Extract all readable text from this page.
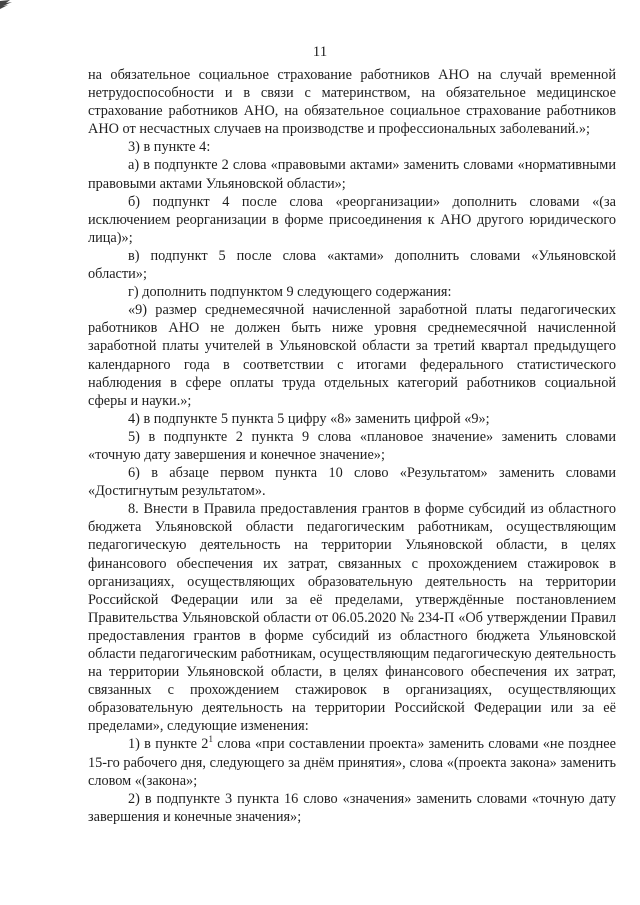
11

на обязательное социальное страхование работников АНО на случай временной нетрудоспособности и в связи с материнством, на обязательное медицинское страхование работников АНО, на обязательное социальное страхование работников АНО от несчастных случаев на производстве и профессиональных заболеваний.»;

3) в пункте 4:

а) в подпункте 2 слова «правовыми актами» заменить словами «нормативными правовыми актами Ульяновской области»;

б) подпункт 4 после слова «реорганизации» дополнить словами «(за исключением реорганизации в форме присоединения к АНО другого юридического лица)»;

в) подпункт 5 после слова «актами» дополнить словами «Ульяновской области»;

г) дополнить подпунктом 9 следующего содержания:

«9) размер среднемесячной начисленной заработной платы педагогических работников АНО не должен быть ниже уровня среднемесячной начисленной заработной платы учителей в Ульяновской области за третий квартал предыдущего календарного года в соответствии с итогами федерального статистического наблюдения в сфере оплаты труда отдельных категорий работников социальной сферы и науки.»;

4) в подпункте 5 пункта 5 цифру «8» заменить цифрой «9»;

5) в подпункте 2 пункта 9 слова «плановое значение» заменить словами «точную дату завершения и конечное значение»;

6) в абзаце первом пункта 10 слово «Результатом» заменить словами «Достигнутым результатом».

8. Внести в Правила предоставления грантов в форме субсидий из областного бюджета Ульяновской области педагогическим работникам, осуществляющим педагогическую деятельность на территории Ульяновской области, в целях финансового обеспечения их затрат, связанных с прохождением стажировок в организациях, осуществляющих образовательную деятельность на территории Российской Федерации или за её пределами, утверждённые постановлением Правительства Ульяновской области от 06.05.2020 № 234-П «Об утверждении Правил предоставления грантов в форме субсидий из областного бюджета Ульяновской области педагогическим работникам, осуществляющим педагогическую деятельность на территории Ульяновской области, в целях финансового обеспечения их затрат, связанных с прохождением стажировок в организациях, осуществляющих образовательную деятельность на территории Российской Федерации или за её пределами», следующие изменения:

1) в пункте $2^1$ слова «при составлении проекта» заменить словами «не позднее 15-го рабочего дня, следующего за днём принятия», слова «(проекта закона» заменить словом «(закона»;

2) в подпункте 3 пункта 16 слово «значения» заменить словами «точную дату завершения и конечные значения»;
